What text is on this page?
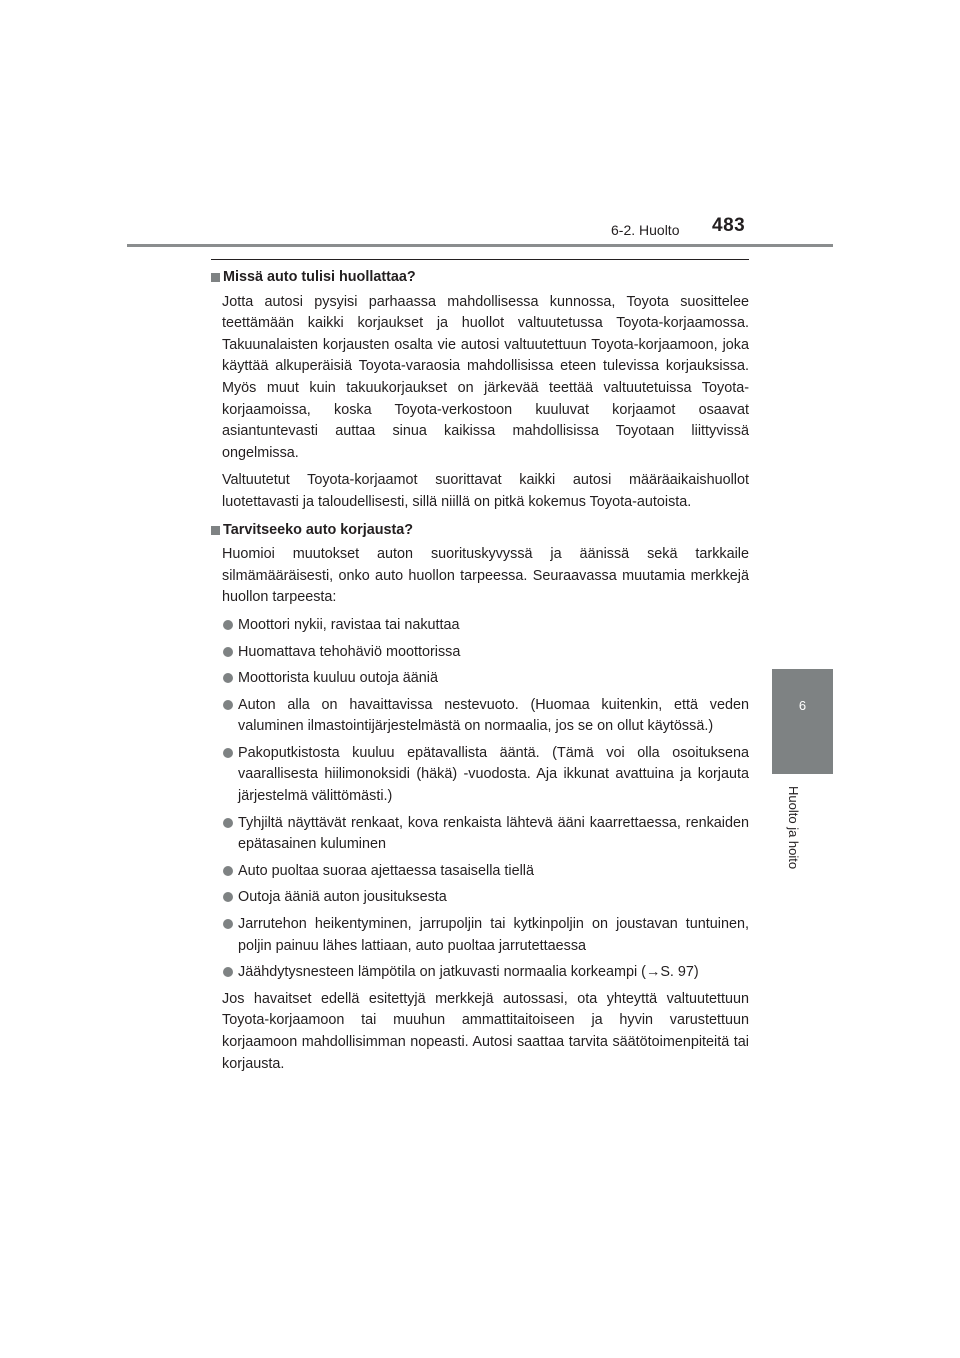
6-2. Huolto 483
6
Huolto ja hoito
Missä auto tulisi huollattaa?

Jotta autosi pysyisi parhaassa mahdollisessa kunnossa, Toyota suosittelee teettämään kaikki korjaukset ja huollot valtuutetussa Toyota-korjaamossa. Takuunalaisten korjausten osalta vie autosi valtuutettuun Toyota-korjaamoon, joka käyttää alkuperäisiä Toyota-varaosia mahdollisissa eteen tulevissa korjauksissa. Myös muut kuin takuukorjaukset on järkevää teettää valtuutetuissa Toyota-korjaamoissa, koska Toyota-verkostoon kuuluvat korjaamot osaavat asiantuntevasti auttaa sinua kaikissa mahdollisissa Toyotaan liittyvissä ongelmissa.

Valtuutetut Toyota-korjaamot suorittavat kaikki autosi määräaikaishuollot luotettavasti ja taloudellisesti, sillä niillä on pitkä kokemus Toyota-autoista.

Tarvitseeko auto korjausta?

Huomioi muutokset auton suorituskyvyssä ja äänissä sekä tarkkaile silmämääräisesti, onko auto huollon tarpeessa. Seuraavassa muutamia merkkejä huollon tarpeesta:

Moottori nykii, ravistaa tai nakuttaa
Huomattava tehohäviö moottorissa
Moottorista kuuluu outoja ääniä
Auton alla on havaittavissa nestevuoto. (Huomaa kuitenkin, että veden valuminen ilmastointijärjestelmästä on normaalia, jos se on ollut käytössä.)
Pakoputkistosta kuuluu epätavallista ääntä. (Tämä voi olla osoituksena vaarallisesta hiilimonoksidi (häkä) -vuodosta. Aja ikkunat avattuina ja korjauta järjestelmä välittömästi.)
Tyhjiltä näyttävät renkaat, kova renkaista lähtevä ääni kaarrettaessa, renkaiden epätasainen kuluminen
Auto puoltaa suoraa ajettaessa tasaisella tiellä
Outoja ääniä auton jousituksesta
Jarrutehon heikentyminen, jarrupoljin tai kytkinpoljin on joustavan tuntuinen, poljin painuu lähes lattiaan, auto puoltaa jarrutettaessa
Jäähdytysnesteen lämpötila on jatkuvasti normaalia korkeampi (→S. 97)

Jos havaitset edellä esitettyjä merkkejä autossasi, ota yhteyttä valtuutettuun Toyota-korjaamoon tai muuhun ammattitaitoiseen ja hyvin varustettuun korjaamoon mahdollisimman nopeasti. Autosi saattaa tarvita säätötoimenpiteitä tai korjausta.
